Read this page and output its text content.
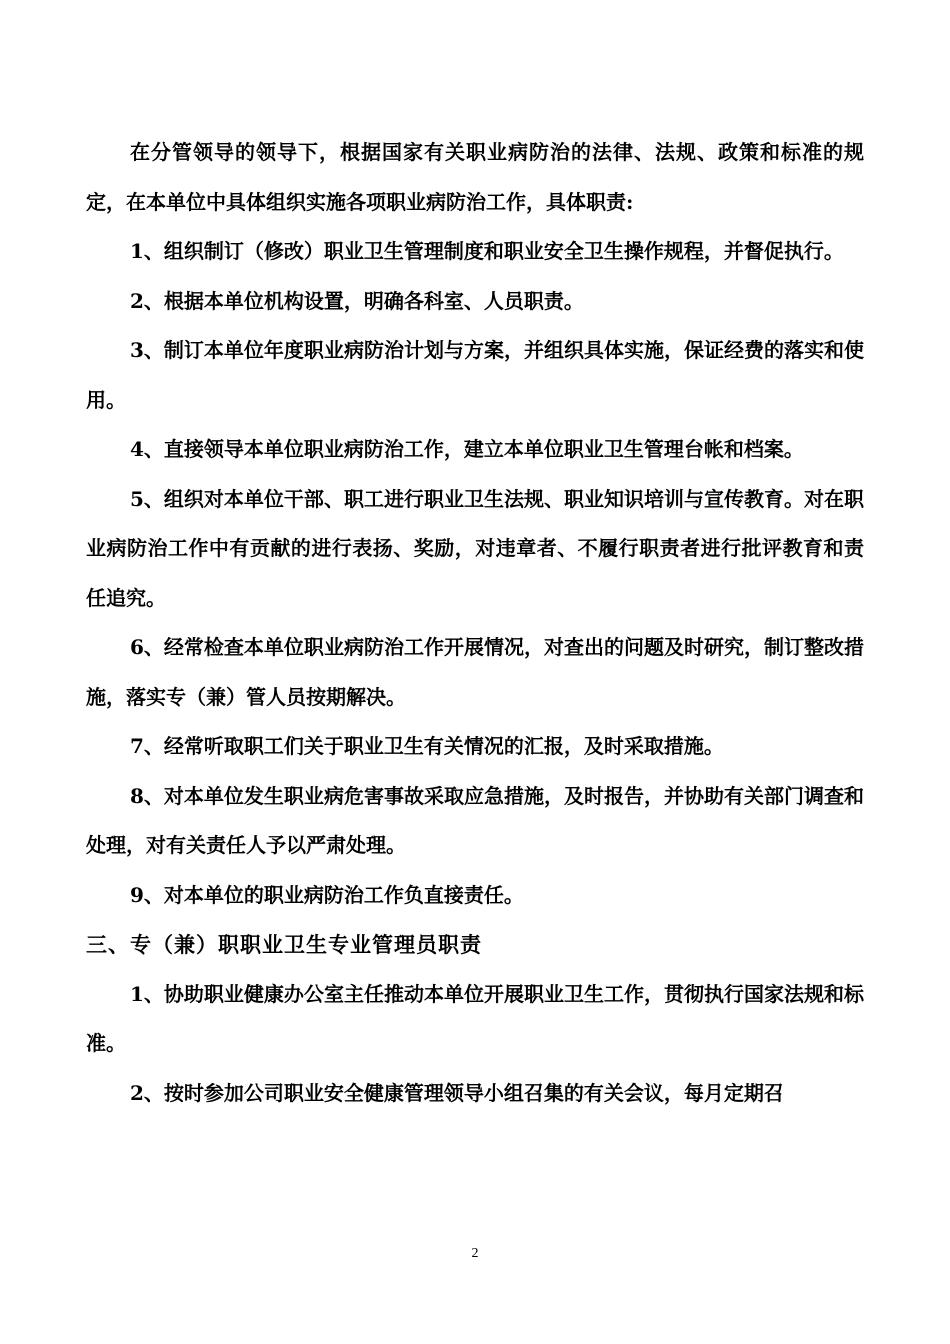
在分管领导的领导下，根据国家有关职业病防治的法律、法规、政策和标准的规定，在本单位中具体组织实施各项职业病防治工作，具体职责:

1、组织制订（修改）职业卫生管理制度和职业安全卫生操作规程，并督促执行。

2、根据本单位机构设置，明确各科室、人员职责。

3、制订本单位年度职业病防治计划与方案，并组织具体实施，保证经费的落实和使用。

4、直接领导本单位职业病防治工作，建立本单位职业卫生管理台帐和档案。

5、组织对本单位干部、职工进行职业卫生法规、职业知识培训与宣传教育。对在职业病防治工作中有贡献的进行表扬、奖励，对违章者、不履行职责者进行批评教育和责任追究。

6、经常检查本单位职业病防治工作开展情况，对查出的问题及时研究，制订整改措施，落实专（兼）管人员按期解决。

7、经常听取职工们关于职业卫生有关情况的汇报，及时采取措施。

8、对本单位发生职业病危害事故采取应急措施，及时报告，并协助有关部门调查和处理，对有关责任人予以严肃处理。

9、对本单位的职业病防治工作负直接责任。

三、专（兼）职职业卫生专业管理员职责

1、协助职业健康办公室主任推动本单位开展职业卫生工作，贯彻执行国家法规和标准。

2、按时参加公司职业安全健康管理领导小组召集的有关会议，每月定期召

2
